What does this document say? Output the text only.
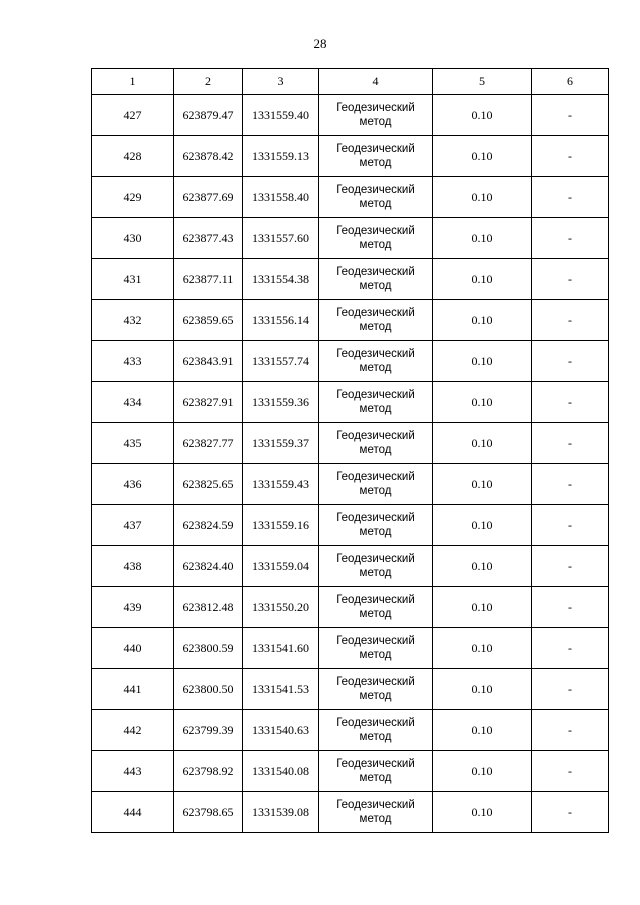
28
1	2	3	4	5	6
427	623879.47	1331559.40	Геодезический
метод	0.10	-
428	623878.42	1331559.13	Геодезический
метод	0.10	-
429	623877.69	1331558.40	Геодезический
метод	0.10	-
430	623877.43	1331557.60	Геодезический
метод	0.10	-
431	623877.11	1331554.38	Геодезический
метод	0.10	-
432	623859.65	1331556.14	Геодезический
метод	0.10	-
433	623843.91	1331557.74	Геодезический
метод	0.10	-
434	623827.91	1331559.36	Геодезический
метод	0.10	-
435	623827.77	1331559.37	Геодезический
метод	0.10	-
436	623825.65	1331559.43	Геодезический
метод	0.10	-
437	623824.59	1331559.16	Геодезический
метод	0.10	-
438	623824.40	1331559.04	Геодезический
метод	0.10	-
439	623812.48	1331550.20	Геодезический
метод	0.10	-
440	623800.59	1331541.60	Геодезический
метод	0.10	-
441	623800.50	1331541.53	Геодезический
метод	0.10	-
442	623799.39	1331540.63	Геодезический
метод	0.10	-
443	623798.92	1331540.08	Геодезический
метод	0.10	-
444	623798.65	1331539.08	Геодезический
метод	0.10	-
